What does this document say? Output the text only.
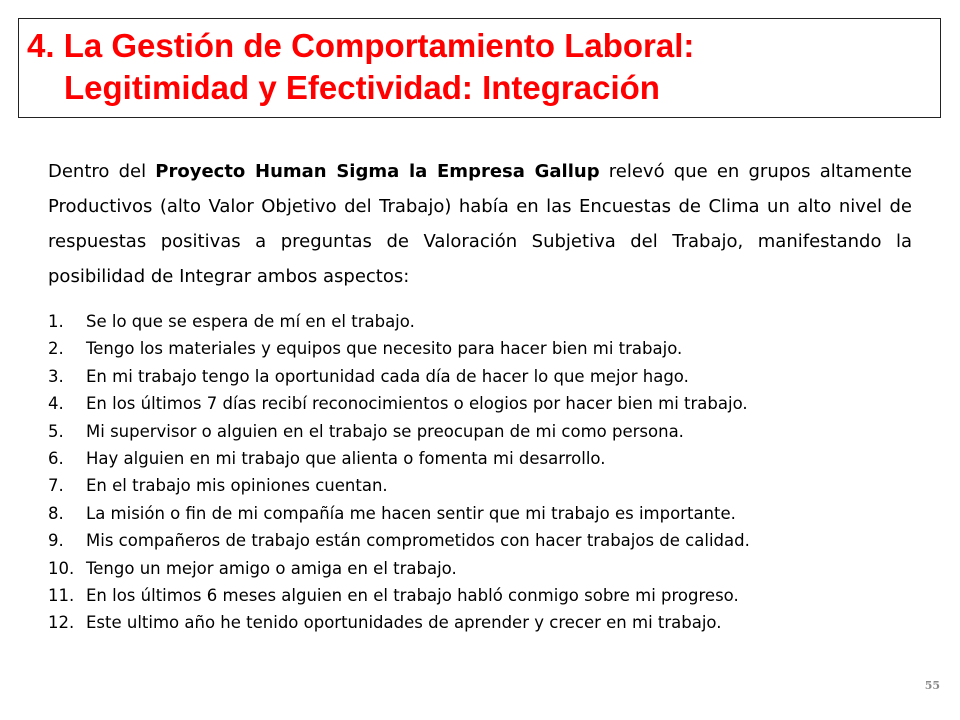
4. La Gestión de Comportamiento Laboral:
Legitimidad y Efectividad: Integración

Dentro del Proyecto Human Sigma la Empresa Gallup relevó que en grupos altamente Productivos (alto Valor Objetivo del Trabajo) había en las Encuestas de Clima un alto nivel de respuestas positivas a preguntas de Valoración Subjetiva del Trabajo, manifestando la posibilidad de Integrar ambos aspectos:

1.	Se lo que se espera de mí en el trabajo.
2.	Tengo los materiales y equipos que necesito para hacer bien mi trabajo.
3.	En mi trabajo tengo la oportunidad cada día de hacer lo que mejor hago.
4.	En los últimos 7 días recibí reconocimientos o elogios por hacer bien mi trabajo.
5.	Mi supervisor o alguien en el trabajo se preocupan de mi como persona.
6.	Hay alguien en mi trabajo que alienta o fomenta mi desarrollo.
7.	En el trabajo mis opiniones cuentan.
8.	La misión o fin de mi compañía me hacen sentir que mi trabajo es importante.
9.	Mis compañeros de trabajo están comprometidos con hacer trabajos de calidad.
10. Tengo un mejor amigo o amiga en el trabajo.
11. En los últimos 6 meses alguien en el trabajo habló conmigo sobre mi progreso.
12. Este ultimo año he tenido oportunidades de aprender y crecer en mi trabajo.
55
